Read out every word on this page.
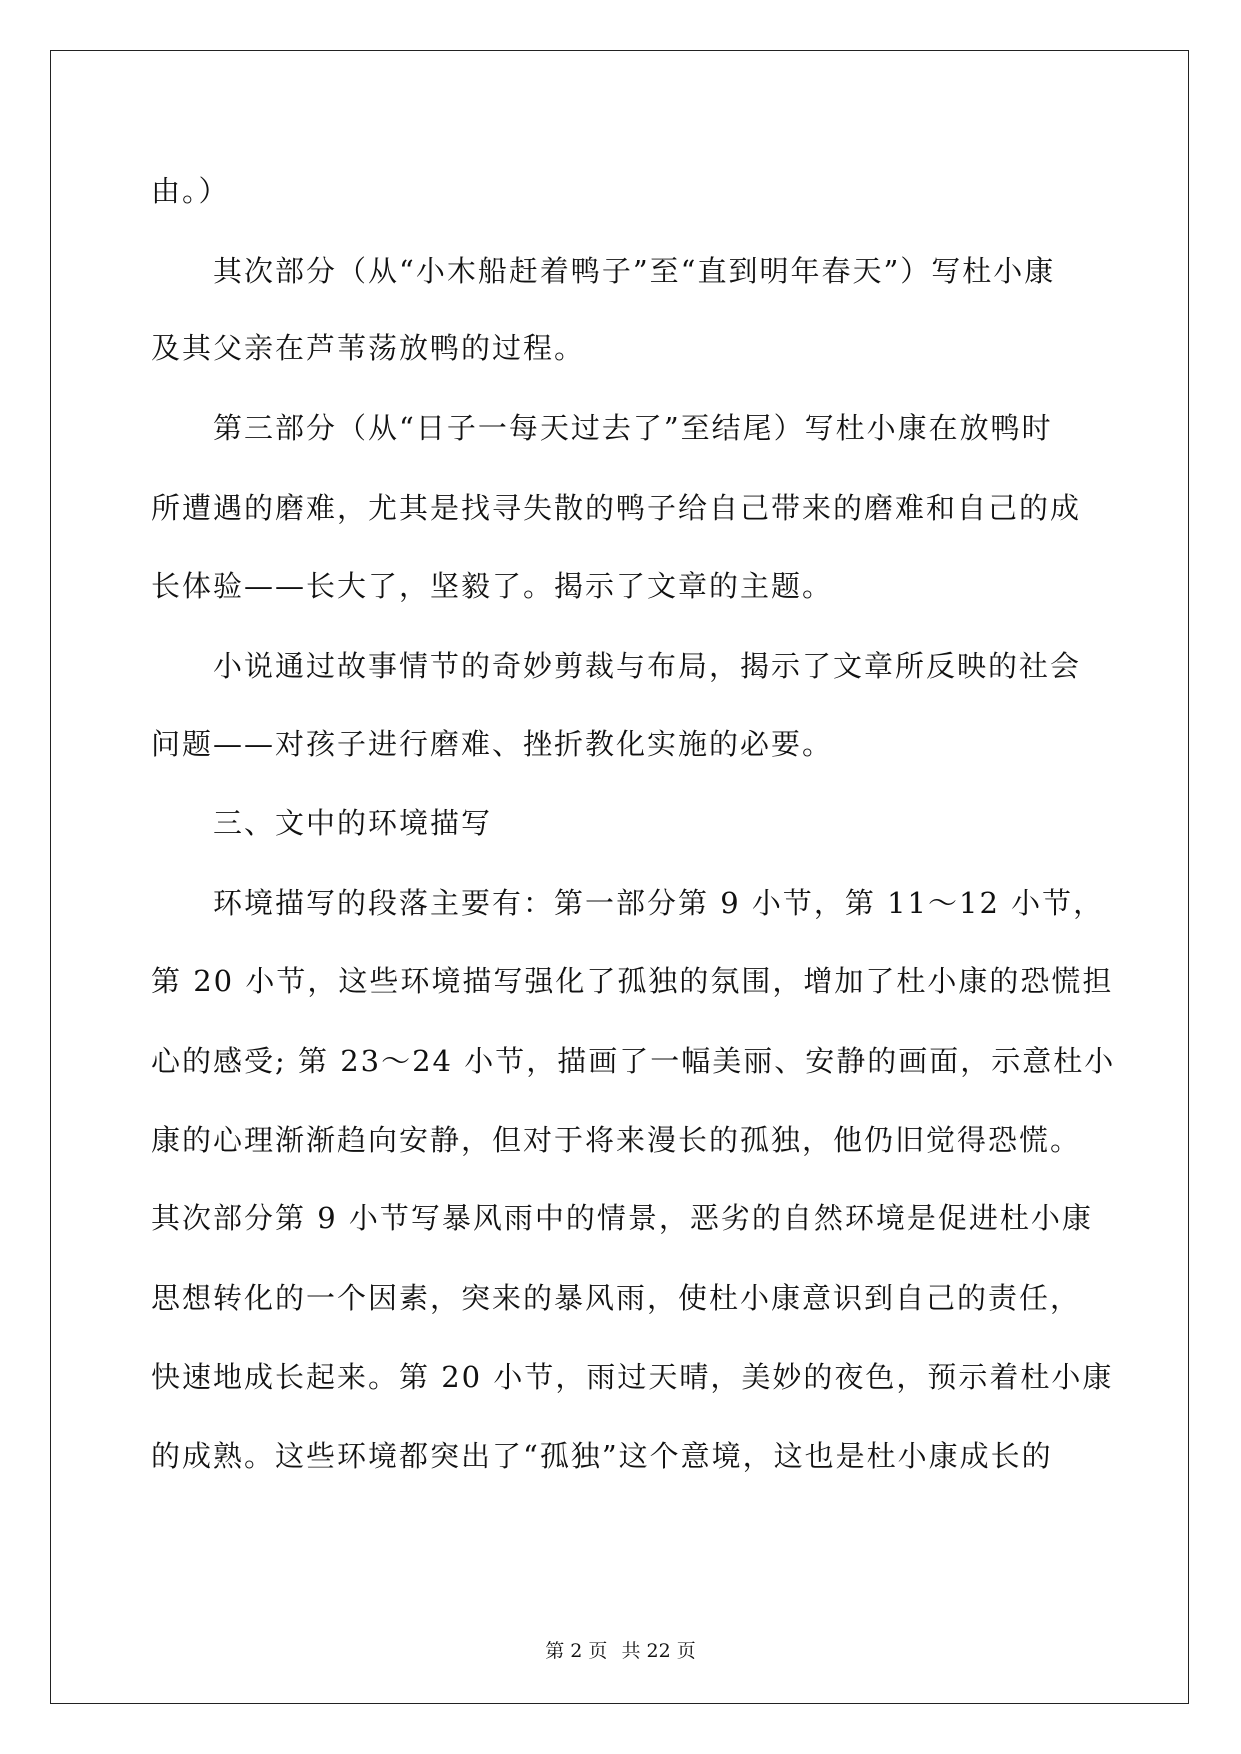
由。）
其次部分（从“小木船赶着鸭子”至“直到明年春天”）写杜小康
及其父亲在芦苇荡放鸭的过程。
第三部分（从“日子一每天过去了”至结尾）写杜小康在放鸭时
所遭遇的磨难，尤其是找寻失散的鸭子给自己带来的磨难和自己的成
长体验——长大了，坚毅了。揭示了文章的主题。
小说通过故事情节的奇妙剪裁与布局，揭示了文章所反映的社会
问题——对孩子进行磨难、挫折教化实施的必要。
三、文中的环境描写
环境描写的段落主要有：第一部分第 9 小节，第 11～12 小节，
第 20 小节，这些环境描写强化了孤独的氛围，增加了杜小康的恐慌担
心的感受; 第 23～24 小节，描画了一幅美丽、安静的画面，示意杜小
康的心理渐渐趋向安静，但对于将来漫长的孤独，他仍旧觉得恐慌。
其次部分第 9 小节写暴风雨中的情景，恶劣的自然环境是促进杜小康
思想转化的一个因素，突来的暴风雨，使杜小康意识到自己的责任，
快速地成长起来。第 20 小节，雨过天晴，美妙的夜色，预示着杜小康
的成熟。这些环境都突出了“孤独”这个意境，这也是杜小康成长的
第 2 页 共 22 页
